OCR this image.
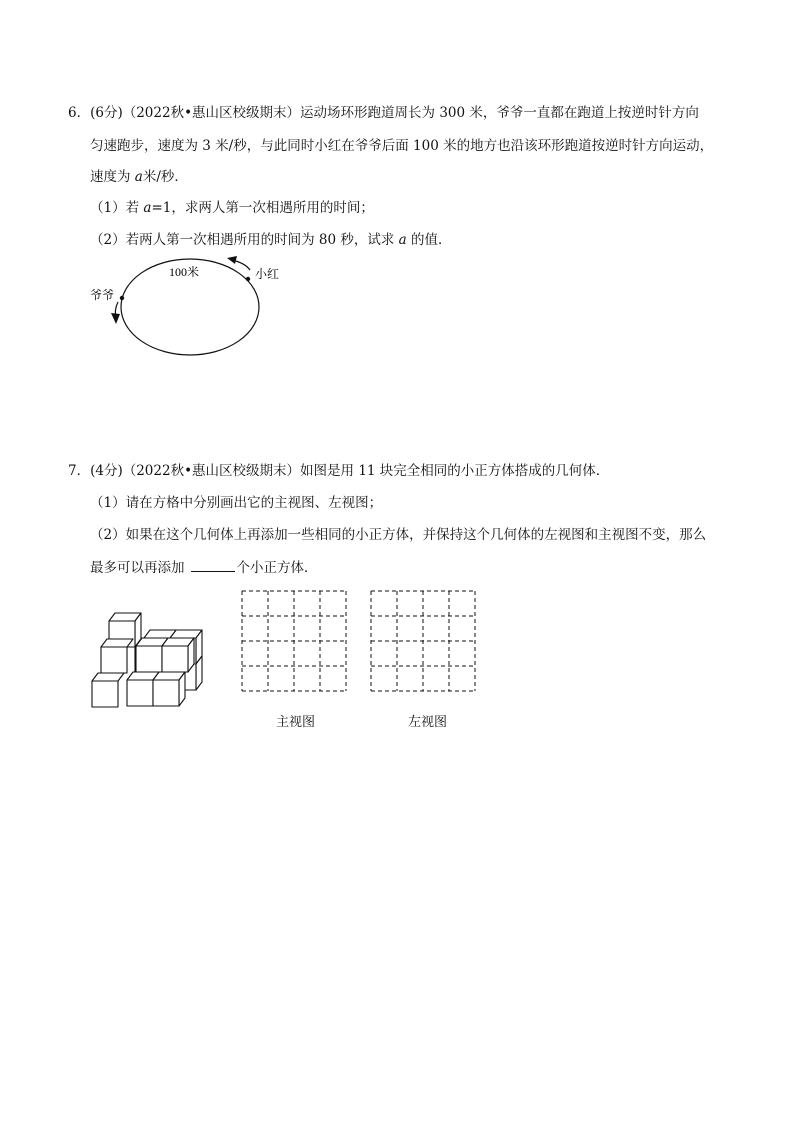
6．(6分)（2022秋•惠山区校级期末）运动场环形跑道周长为 300 米，爷爷一直都在跑道上按逆时针方向
匀速跑步，速度为 3 米/秒，与此同时小红在爷爷后面 100 米的地方也沿该环形跑道按逆时针方向运动，
速度为 a米/秒．
（1）若 a=1，求两人第一次相遇所用的时间；
（2）若两人第一次相遇所用的时间为 80 秒，试求 a 的值．
100米	小红
爷爷
7．(4分)（2022秋•惠山区校级期末）如图是用 11 块完全相同的小正方体搭成的几何体．
（1）请在方格中分别画出它的主视图、左视图；
（2）如果在这个几何体上再添加一些相同的小正方体，并保持这个几何体的左视图和主视图不变，那么
最多可以再添加	个小正方体．
主视图	左视图
